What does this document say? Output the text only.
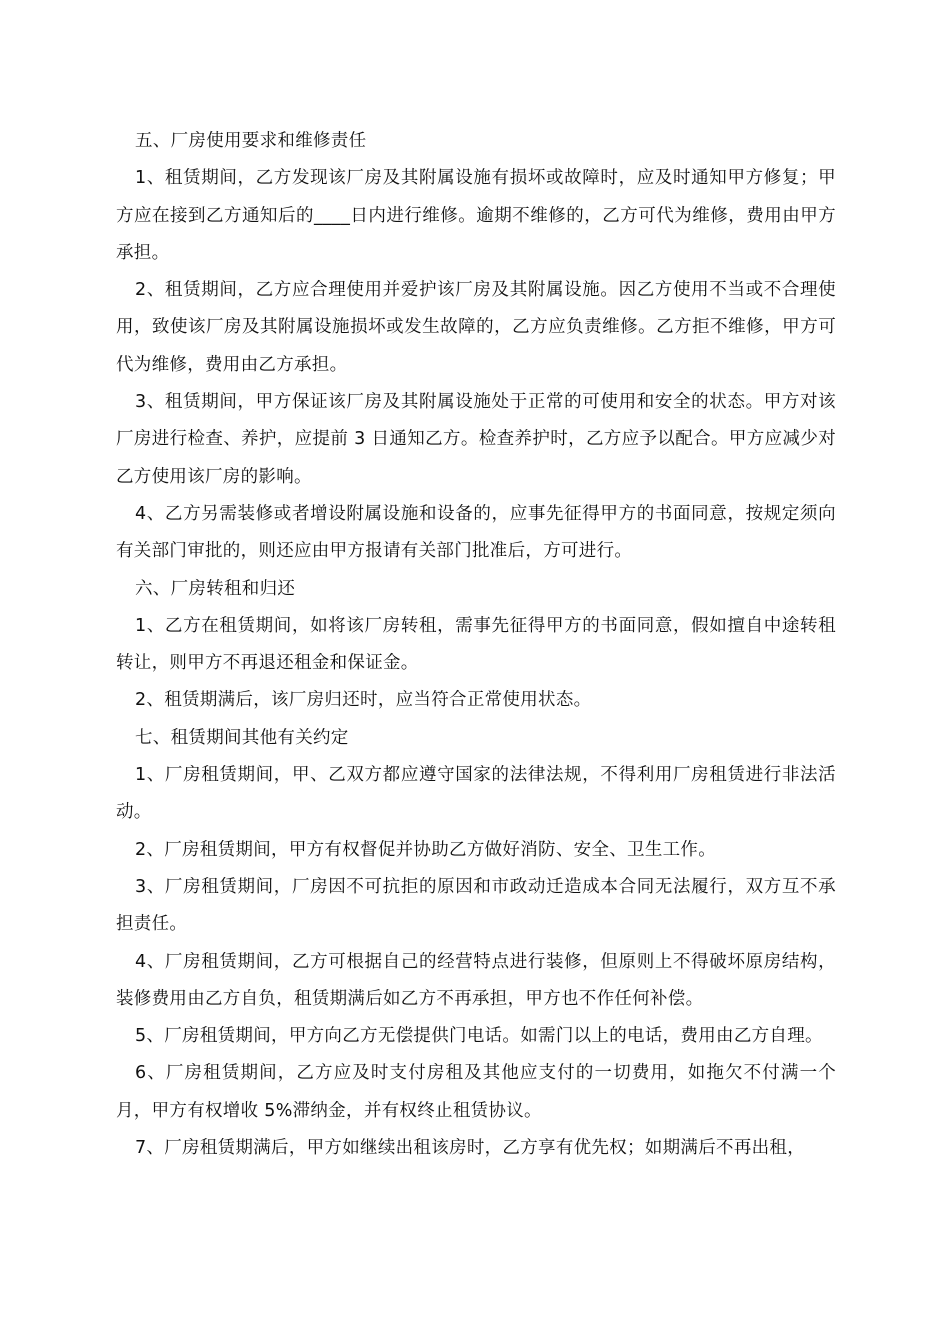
五、厂房使用要求和维修责任

1、租赁期间，乙方发现该厂房及其附属设施有损坏或故障时，应及时通知甲方修复；甲方应在接到乙方通知后的____日内进行维修。逾期不维修的，乙方可代为维修，费用由甲方承担。

2、租赁期间，乙方应合理使用并爱护该厂房及其附属设施。因乙方使用不当或不合理使用，致使该厂房及其附属设施损坏或发生故障的，乙方应负责维修。乙方拒不维修，甲方可代为维修，费用由乙方承担。

3、租赁期间，甲方保证该厂房及其附属设施处于正常的可使用和安全的状态。甲方对该厂房进行检查、养护，应提前 3 日通知乙方。检查养护时，乙方应予以配合。甲方应减少对乙方使用该厂房的影响。

4、乙方另需装修或者增设附属设施和设备的，应事先征得甲方的书面同意，按规定须向有关部门审批的，则还应由甲方报请有关部门批准后，方可进行。

六、厂房转租和归还

1、乙方在租赁期间，如将该厂房转租，需事先征得甲方的书面同意，假如擅自中途转租转让，则甲方不再退还租金和保证金。

2、租赁期满后，该厂房归还时，应当符合正常使用状态。

七、租赁期间其他有关约定

1、厂房租赁期间，甲、乙双方都应遵守国家的法律法规，不得利用厂房租赁进行非法活动。

2、厂房租赁期间，甲方有权督促并协助乙方做好消防、安全、卫生工作。

3、厂房租赁期间，厂房因不可抗拒的原因和市政动迁造成本合同无法履行，双方互不承担责任。

4、厂房租赁期间，乙方可根据自己的经营特点进行装修，但原则上不得破坏原房结构，装修费用由乙方自负，租赁期满后如乙方不再承担，甲方也不作任何补偿。

5、厂房租赁期间，甲方向乙方无偿提供门电话。如需门以上的电话，费用由乙方自理。

6、厂房租赁期间，乙方应及时支付房租及其他应支付的一切费用，如拖欠不付满一个月，甲方有权增收 5%滞纳金，并有权终止租赁协议。

7、厂房租赁期满后，甲方如继续出租该房时，乙方享有优先权；如期满后不再出租，
